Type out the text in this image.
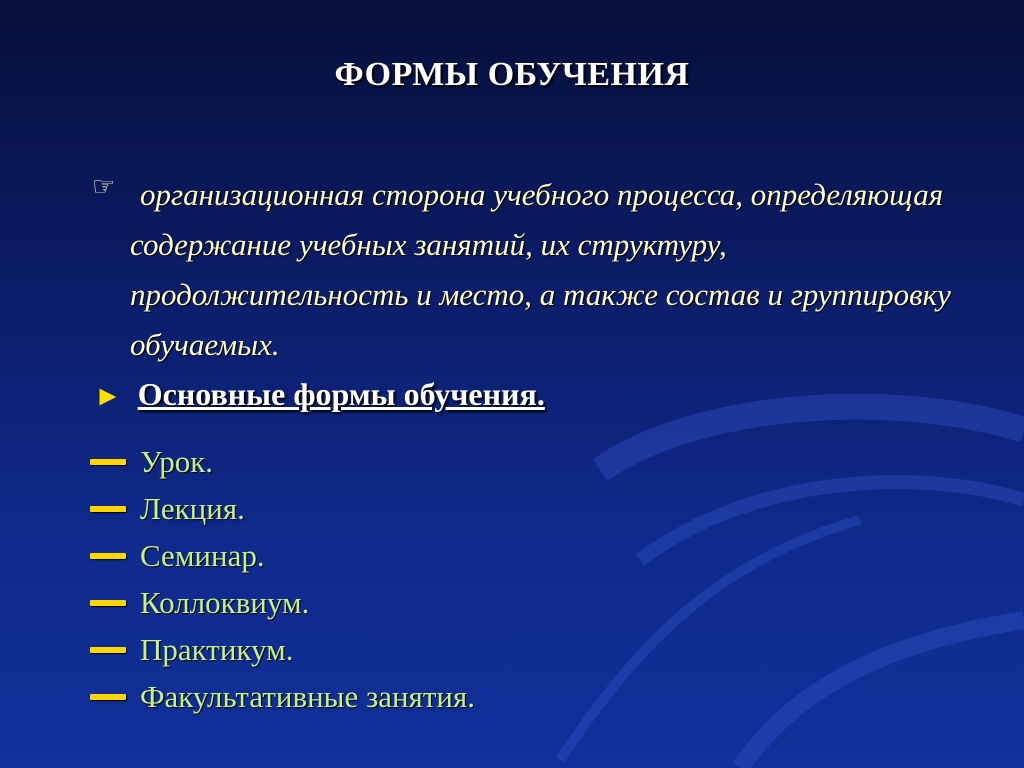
ФОРМЫ ОБУЧЕНИЯ
☞ организационная сторона учебного процесса, определяющая содержание учебных занятий, их структуру, продолжительность и место, а также состав и группировку обучаемых.
► Основные формы обучения.
Урок.
Лекция.
Семинар.
Коллоквиум.
Практикум.
Факультативные занятия.
